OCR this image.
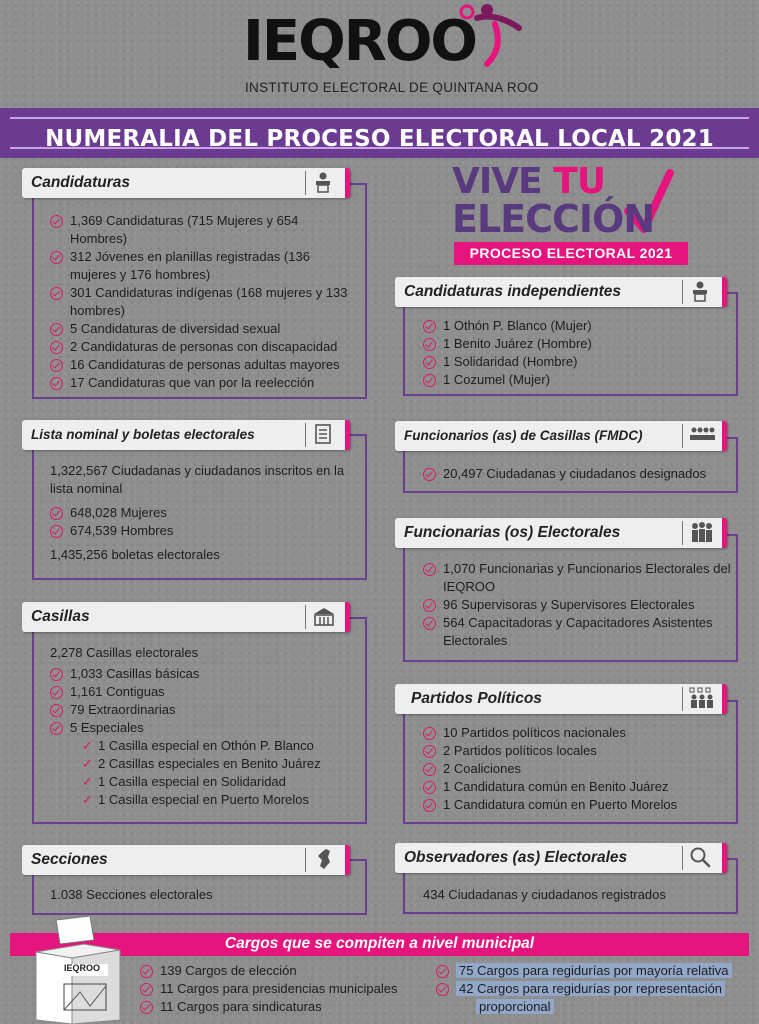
IEQROO
INSTITUTO ELECTORAL DE QUINTANA ROO
NUMERALIA DEL PROCESO ELECTORAL LOCAL 2021
VIVE TU
ELECCIÓN
PROCESO ELECTORAL 2021
Candidaturas
1,369 Candidaturas (715 Mujeres y 654 Hombres)
312 Jóvenes en planillas registradas (136 mujeres y 176 hombres)
301 Candidaturas indígenas (168 mujeres y 133 hombres)
5 Candidaturas de diversidad sexual
2 Candidaturas de personas con discapacidad
16 Candidaturas de personas adultas mayores
17 Candidaturas que van por la reelección
Lista nominal y boletas electorales
1,322,567 Ciudadanas y ciudadanos inscritos en la lista nominal
648,028 Mujeres
674,539 Hombres
1,435,256 boletas electorales
Casillas
2,278 Casillas electorales
1,033 Casillas básicas
1,161 Contiguas
79 Extraordinarias
5 Especiales
✓ 1 Casilla especial en Othón P. Blanco
✓ 2 Casillas especiales en Benito Juárez
✓ 1 Casilla especial en Solidaridad
✓ 1 Casilla especial en Puerto Morelos
Secciones
1.038 Secciones electorales
Candidaturas independientes
1 Othón P. Blanco (Mujer)
1 Benito Juárez (Hombre)
1 Solidaridad (Hombre)
1 Cozumel (Mujer)
Funcionarios (as) de Casillas (FMDC)
20,497 Ciudadanas y ciudadanos designados
Funcionarias (os) Electorales
1,070 Funcionarias y Funcionarios Electorales del IEQROO
96 Supervisoras y Supervisores Electorales
564 Capacitadoras y Capacitadores Asistentes Electorales
Partidos Políticos
10 Partidos políticos nacionales
2 Partidos políticos locales
2 Coaliciones
1 Candidatura común en Benito Juárez
1 Candidatura común en Puerto Morelos
Observadores (as) Electorales
434 Ciudadanas y ciudadanos registrados
Cargos que se compiten a nivel municipal
IEQROO	139 Cargos de elección
11 Cargos para presidencias municipales
11 Cargos para sindicaturas
75 Cargos para regidurías por mayoría relativa
42 Cargos para regidurías por representación
proporcional
